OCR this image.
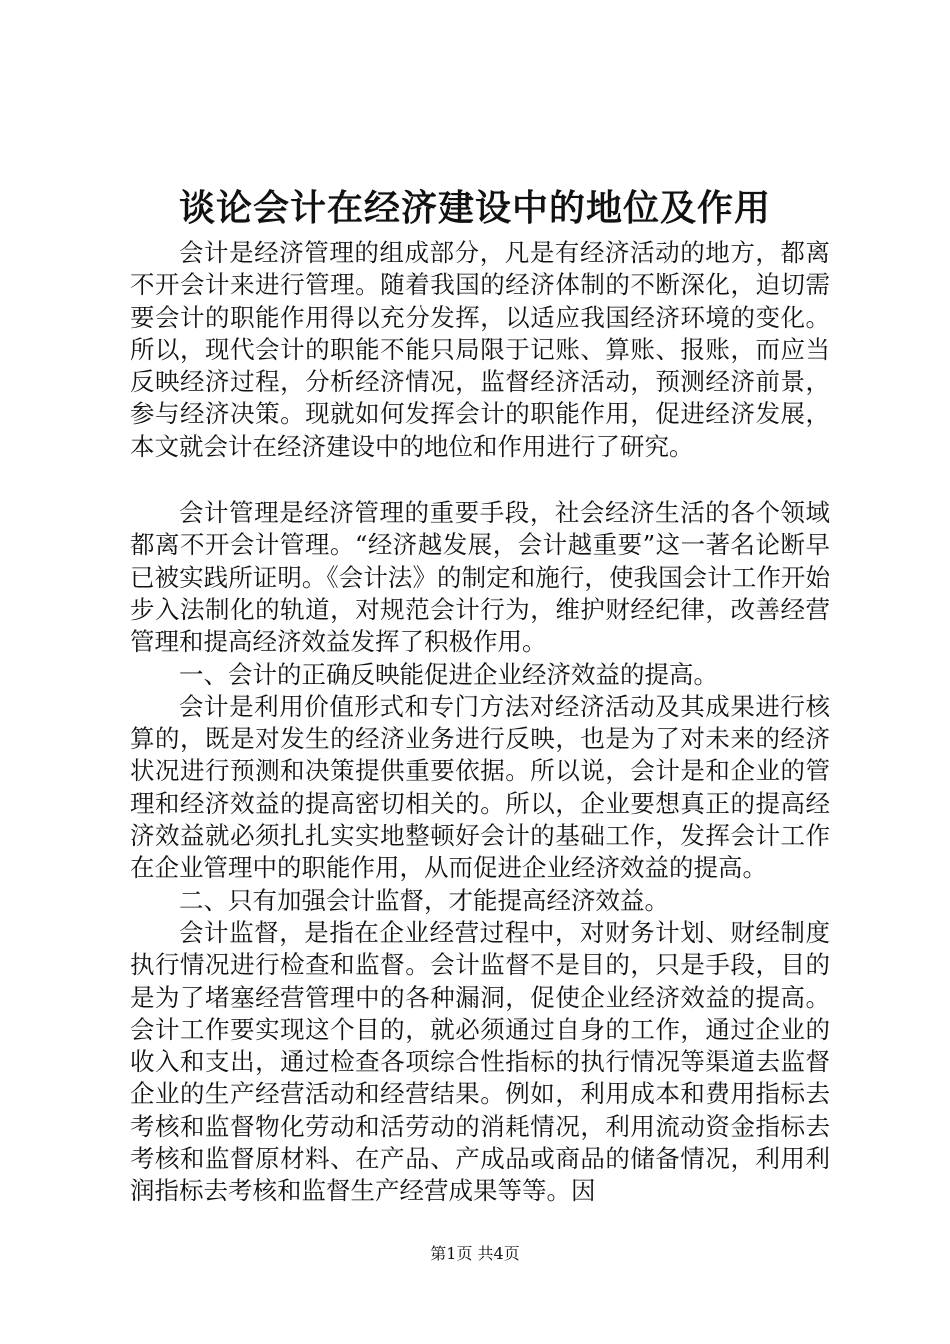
谈论会计在经济建设中的地位及作用

会计是经济管理的组成部分，凡是有经济活动的地方，都离不开会计来进行管理。随着我国的经济体制的不断深化，迫切需要会计的职能作用得以充分发挥，以适应我国经济环境的变化。所以，现代会计的职能不能只局限于记账、算账、报账，而应当反映经济过程，分析经济情况，监督经济活动，预测经济前景，参与经济决策。现就如何发挥会计的职能作用，促进经济发展，本文就会计在经济建设中的地位和作用进行了研究。

会计管理是经济管理的重要手段，社会经济生活的各个领域都离不开会计管理。“经济越发展，会计越重要”这一著名论断早已被实践所证明。《会计法》的制定和施行，使我国会计工作开始步入法制化的轨道，对规范会计行为，维护财经纪律，改善经营管理和提高经济效益发挥了积极作用。

一、会计的正确反映能促进企业经济效益的提高。

会计是利用价值形式和专门方法对经济活动及其成果进行核算的，既是对发生的经济业务进行反映，也是为了对未来的经济状况进行预测和决策提供重要依据。所以说，会计是和企业的管理和经济效益的提高密切相关的。所以，企业要想真正的提高经济效益就必须扎扎实实地整顿好会计的基础工作，发挥会计工作在企业管理中的职能作用，从而促进企业经济效益的提高。

二、只有加强会计监督，才能提高经济效益。

会计监督，是指在企业经营过程中，对财务计划、财经制度执行情况进行检查和监督。会计监督不是目的，只是手段，目的是为了堵塞经营管理中的各种漏洞，促使企业经济效益的提高。会计工作要实现这个目的，就必须通过自身的工作，通过企业的收入和支出，通过检查各项综合性指标的执行情况等渠道去监督企业的生产经营活动和经营结果。例如，利用成本和费用指标去考核和监督物化劳动和活劳动的消耗情况，利用流动资金指标去考核和监督原材料、在产品、产成品或商品的储备情况，利用利润指标去考核和监督生产经营成果等等。因

第1页 共4页
